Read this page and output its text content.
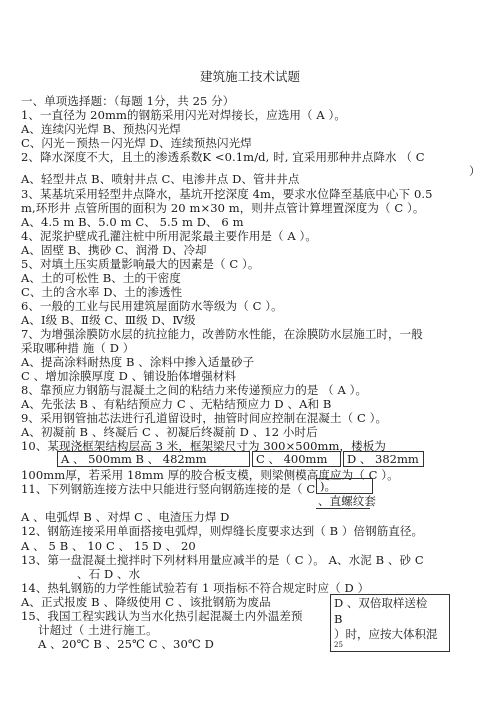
建筑施工技术试题
一、单项选择题：（每题 1分，共 25 分）
1、一直径为 20mm的钢筋采用闪光对焊接长，应选用（ A ）。
A、连续闪光焊 B、预热闪光焊
C、闪光－预热－闪光焊 D、连续预热闪光焊
2、降水深度不大，且土的渗透系数K <0.1m/d, 时, 宜采用那种井点降水 （ C
）
A、轻型井点 B、喷射井点 C、电渗井点 D、管井井点
3、某基坑采用轻型井点降水，基坑开挖深度 4m，要求水位降至基底中心下 0.5
m,环形井 点管所围的面积为 20 m×30 m，则井点管计算埋置深度为（ C ）。
A、4.5 m B、5.0 m C、 5.5 m D、 6 m
4、泥浆护壁成孔灌注桩中所用泥浆最主要作用是（ A ）。
A、固壁 B、携砂 C、润滑 D、冷却
5、对填土压实质量影响最大的因素是（ C ）。
A、土的可松性 B、土的干密度
C、土的含水率 D、土的渗透性
6、一般的工业与民用建筑屋面防水等级为（ C ）。
A、Ⅰ级 B、Ⅱ级 C、Ⅲ级 D、Ⅳ级
7、为增强涂膜防水层的抗拉能力，改善防水性能，在涂膜防水层施工时，一般
采取哪种措 施（ D ）
A、提高涂料耐热度 B 、涂料中掺入适量砂子
C 、增加涂膜厚度 D 、铺设胎体增强材料
8、靠预应力钢筋与混凝土之间的粘结力来传递预应力的是 （ A ）。
A、先张法 B 、有粘结预应力 C 、无粘结预应力 D 、A和 B
9、采用钢管抽芯法进行孔道留设时，抽管时间应控制在混凝土（ C ）。
A、初凝前 B 、终凝后 C 、初凝后终凝前 D 、12 小时后
10、某现浇框架结构层高 3 米，框架梁尺寸为 300×500mm，楼板为
A 、 500mm B 、 482mm	C 、 400mm	D 、 382mm
100mm厚，若采用 18mm 厚的胶合板支模，则梁侧模高度应为（ C ）。
11、下列钢筋连接方法中只能进行竖向钢筋连接的是（ C )。
、直螺纹套
A 、电弧焊 B 、对焊 C 、电渣压力焊 D
12、钢筋连接采用单面搭接电弧焊，则焊缝长度要求达到（ B ）倍钢筋直径。
A 、 5 B 、 10 C 、 15 D 、 20
13、第一盘混凝土搅拌时下列材料用量应减半的是（ C ）。 A、水泥 B 、砂 C
、石 D 、水
14、热轧钢筋的力学性能试验若有 1 项指标不符合规定时应（ D ）
A、正式报废 B 、降级使用 C 、该批钢筋为废品
15、我国工程实践认为当水化热引起混凝土内外温差预
计超过（ 土进行施工。
A 、20℃ B 、25℃ C 、30℃ D
D 、双倍取样送检
B
）时，应按大体积混
25
